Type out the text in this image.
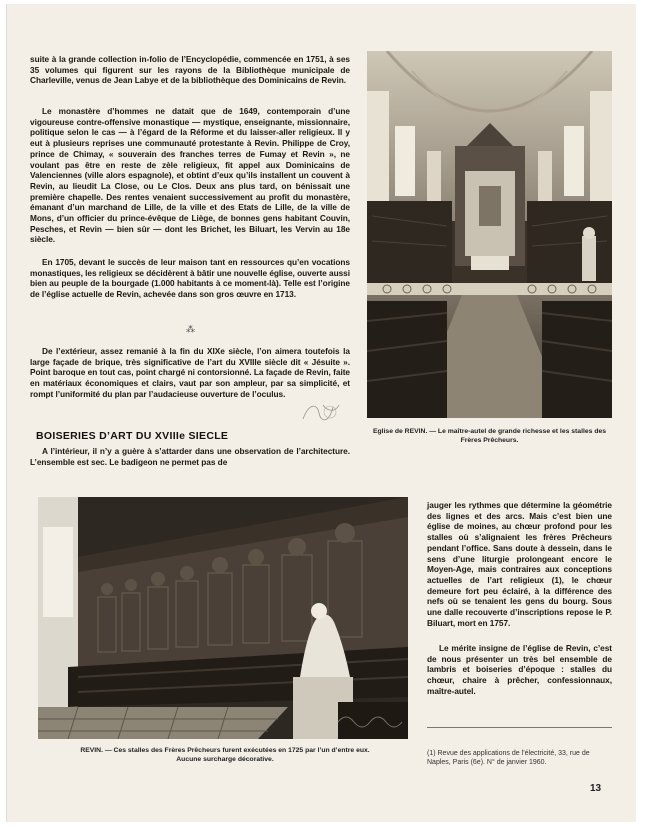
suite à la grande collection in-folio de l’Encyclopédie, commencée en 1751, à ses 35 volumes qui figurent sur les rayons de la Bibliothèque municipale de Charleville, venus de Jean Labye et de la bibliothèque des Dominicains de Revin.

Le monastère d’hommes ne datait que de 1649, contemporain d’une vigoureuse contre-offensive monastique — mystique, enseignante, missionnaire, politique selon le cas — à l’égard de la Réforme et du laisser-aller religieux. Il y eut à plusieurs reprises une communauté protestante à Revin. Philippe de Croy, prince de Chimay, « souverain des franches terres de Fumay et Revin », ne voulant pas être en reste de zèle religieux, fit appel aux Dominicains de Valenciennes (ville alors espagnole), et obtint d’eux qu’ils installent un couvent à Revin, au lieudit La Close, ou Le Clos. Deux ans plus tard, on bénissait une première chapelle. Des rentes venaient successivement au profit du monastère, émanant d’un marchand de Lille, de la ville et des Etats de Lille, de la ville de Mons, d’un officier du prince-évêque de Liège, de bonnes gens habitant Couvin, Pesches, et Revin — bien sûr — dont les Brichet, les Biluart, les Vervin au 18e siècle.

En 1705, devant le succès de leur maison tant en ressources qu’en vocations monastiques, les religieux se décidèrent à bâtir une nouvelle église, ouverte aussi bien au peuple de la bourgade (1.000 habitants à ce moment-là). Telle est l’origine de l’église actuelle de Revin, achevée dans son gros œuvre en 1713.

⁂

De l’extérieur, assez remanié à la fin du XIXe siècle, l’on aimera toutefois la large façade de brique, très significative de l’art du XVIIIe siècle dit « Jésuite ». Point baroque en tout cas, point chargé ni contorsionné. La façade de Revin, faite en matériaux économiques et clairs, vaut par son ampleur, par sa simplicité, et rompt l’uniformité du plan par l’audacieuse ouverture de l’oculus.

BOISERIES D’ART DU XVIIIe SIECLE

A l’intérieur, il n’y a guère à s’attarder dans une observation de l’architecture. L’ensemble est sec. Le badigeon ne permet pas de

Eglise de REVIN. — Le maître-autel de grande richesse et les stalles des Frères Prêcheurs.

REVIN. — Ces stalles des Frères Prêcheurs furent exécutées en 1725 par l’un d’entre eux. Aucune surcharge décorative.

jauger les rythmes que détermine la géométrie des lignes et des arcs. Mais c’est bien une église de moines, au chœur profond pour les stalles où s’alignaient les frères Prêcheurs pendant l’office. Sans doute à dessein, dans le sens d’une liturgie prolongeant encore le Moyen-Age, mais contraires aux conceptions actuelles de l’art religieux (1), le chœur demeure fort peu éclairé, à la différence des nefs où se tenaient les gens du bourg. Sous une dalle recouverte d’inscriptions repose le P. Biluart, mort en 1757.

Le mérite insigne de l’église de Revin, c’est de nous présenter un très bel ensemble de lambris et boiseries d’époque : stalles du chœur, chaire à prêcher, confessionnaux, maître-autel.

(1) Revue des applications de l’électricité, 33, rue de Naples, Paris (6e). N° de janvier 1960.

13
